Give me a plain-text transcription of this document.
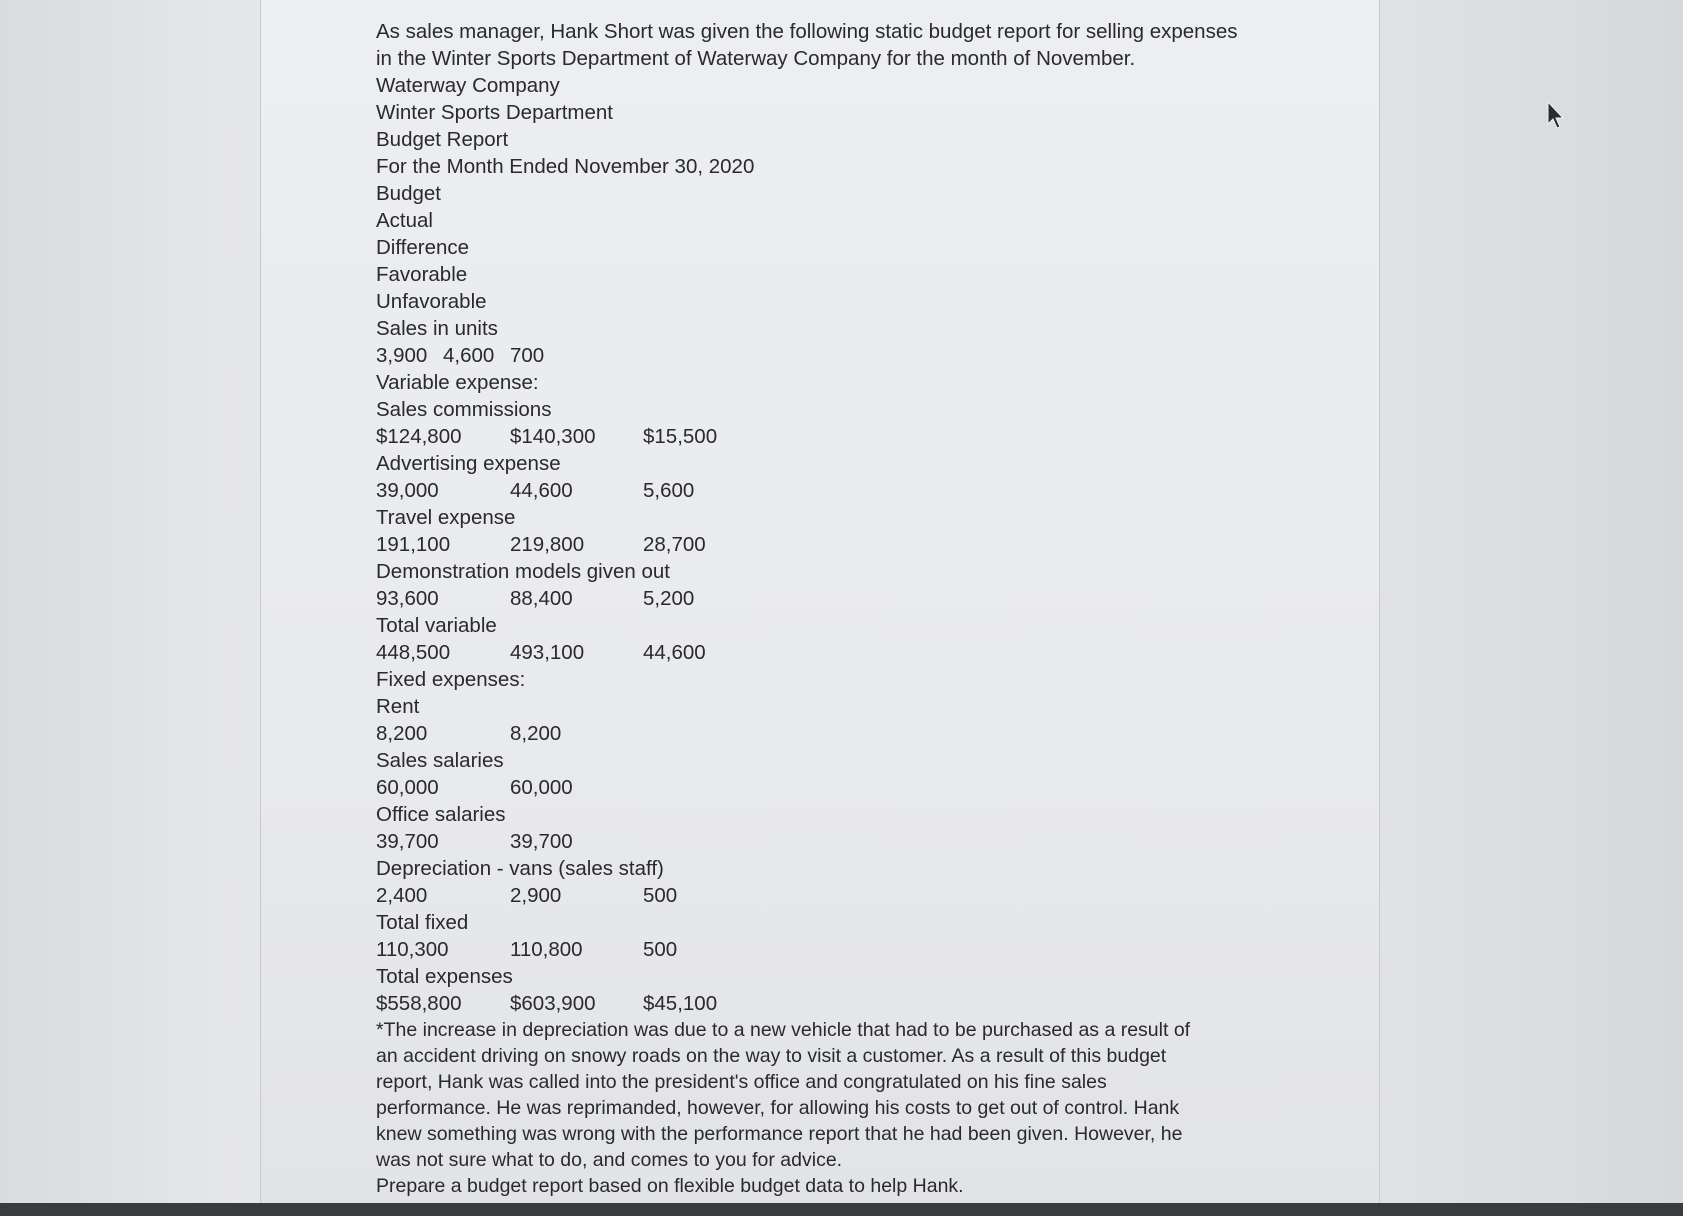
As sales manager, Hank Short was given the following static budget report for selling expenses
in the Winter Sports Department of Waterway Company for the month of November.
Waterway Company
Winter Sports Department
Budget Report
For the Month Ended November 30, 2020
Budget
Actual
Difference
Favorable
Unfavorable
Sales in units
3,900 4,600 700
Variable expense:
Sales commissions
$124,800	$140,300	$15,500
Advertising expense
39,000	44,600	5,600
Travel expense
191,100	219,800	28,700
Demonstration models given out
93,600	88,400	5,200
Total variable
448,500	493,100	44,600
Fixed expenses:
Rent
8,200	8,200
Sales salaries
60,000	60,000
Office salaries
39,700	39,700
Depreciation - vans (sales staff)
2,400	2,900	500
Total fixed
110,300	110,800	500
Total expenses
$558,800	$603,900	$45,100
*The increase in depreciation was due to a new vehicle that had to be purchased as a result of
an accident driving on snowy roads on the way to visit a customer. As a result of this budget
report, Hank was called into the president's office and congratulated on his fine sales
performance. He was reprimanded, however, for allowing his costs to get out of control. Hank
knew something was wrong with the performance report that he had been given. However, he
was not sure what to do, and comes to you for advice.
Prepare a budget report based on flexible budget data to help Hank.
